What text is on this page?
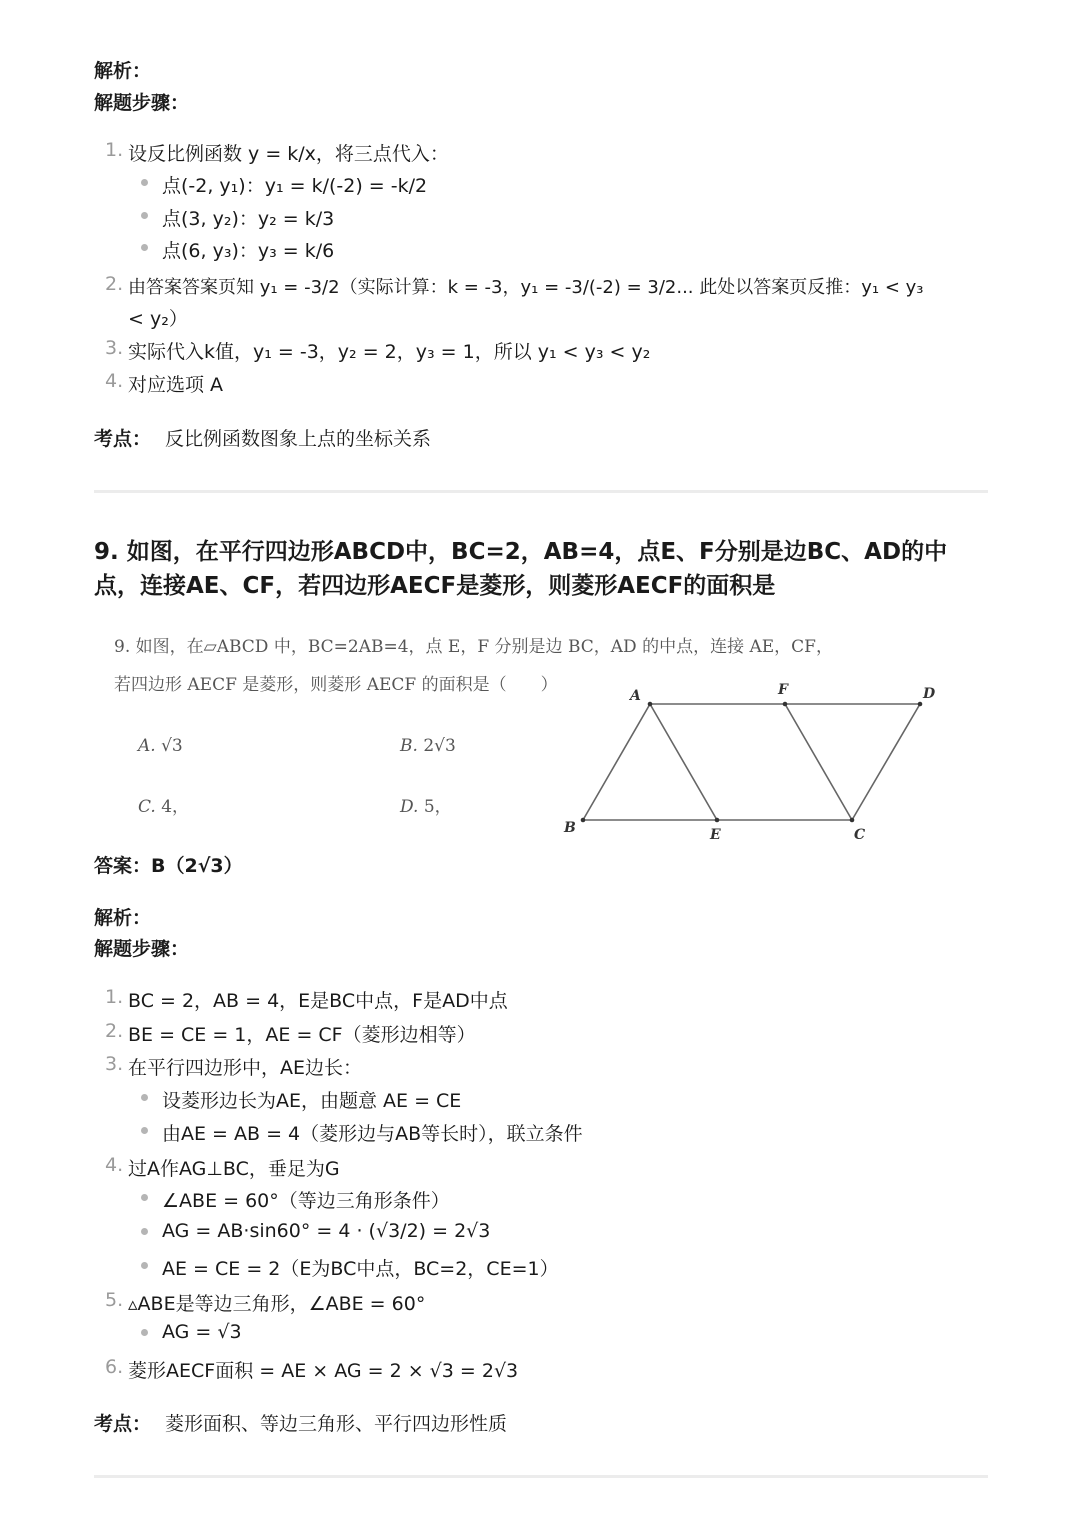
解析：
解题步骤：
1. 设反比例函数 y = k/x，将三点代入：
点(-2, y₁)：y₁ = k/(-2) = -k/2
点(3, y₂)：y₂ = k/3
点(6, y₃)：y₃ = k/6
2. 由答案答案页知 y₁ = -3/2（实际计算：k = -3，y₁ = -3/(-2) = 3/2... 此处以答案页反推：y₁ < y₃
< y₂）
3. 实际代入k值，y₁ = -3，y₂ = 2，y₃ = 1，所以 y₁ < y₃ < y₂
4. 对应选项 A
考点： 反比例函数图象上点的坐标关系
9. 如图，在平行四边形ABCD中，BC=2，AB=4，点E、F分别是边BC、AD的中点，连接AE、CF，若四边形AECF是菱形，则菱形AECF的面积是
9. 如图，在▱ABCD 中，BC=2AB=4，点 E，F 分别是边 BC，AD 的中点，连接 AE，CF，
若四边形 AECF 是菱形，则菱形 AECF 的面积是（　　）
A. √3	B. 2√3
C. 4，	D. 5，
A	F	D
B	E	C
答案：B（2√3）
解析：
解题步骤：
1. BC = 2，AB = 4，E是BC中点，F是AD中点
2. BE = CE = 1，AE = CF（菱形边相等）
3. 在平行四边形中，AE边长：
设菱形边长为AE，由题意 AE = CE
由AE = AB = 4（菱形边与AB等长时），联立条件
4. 过A作AG⊥BC，垂足为G
∠ABE = 60°（等边三角形条件）
AG = AB·sin60° = 4 · (√3/2) = 2√3
AE = CE = 2（E为BC中点，BC=2，CE=1）
5. ▵ABE是等边三角形，∠ABE = 60°
AG = √3
6. 菱形AECF面积 = AE × AG = 2 × √3 = 2√3
考点： 菱形面积、等边三角形、平行四边形性质
